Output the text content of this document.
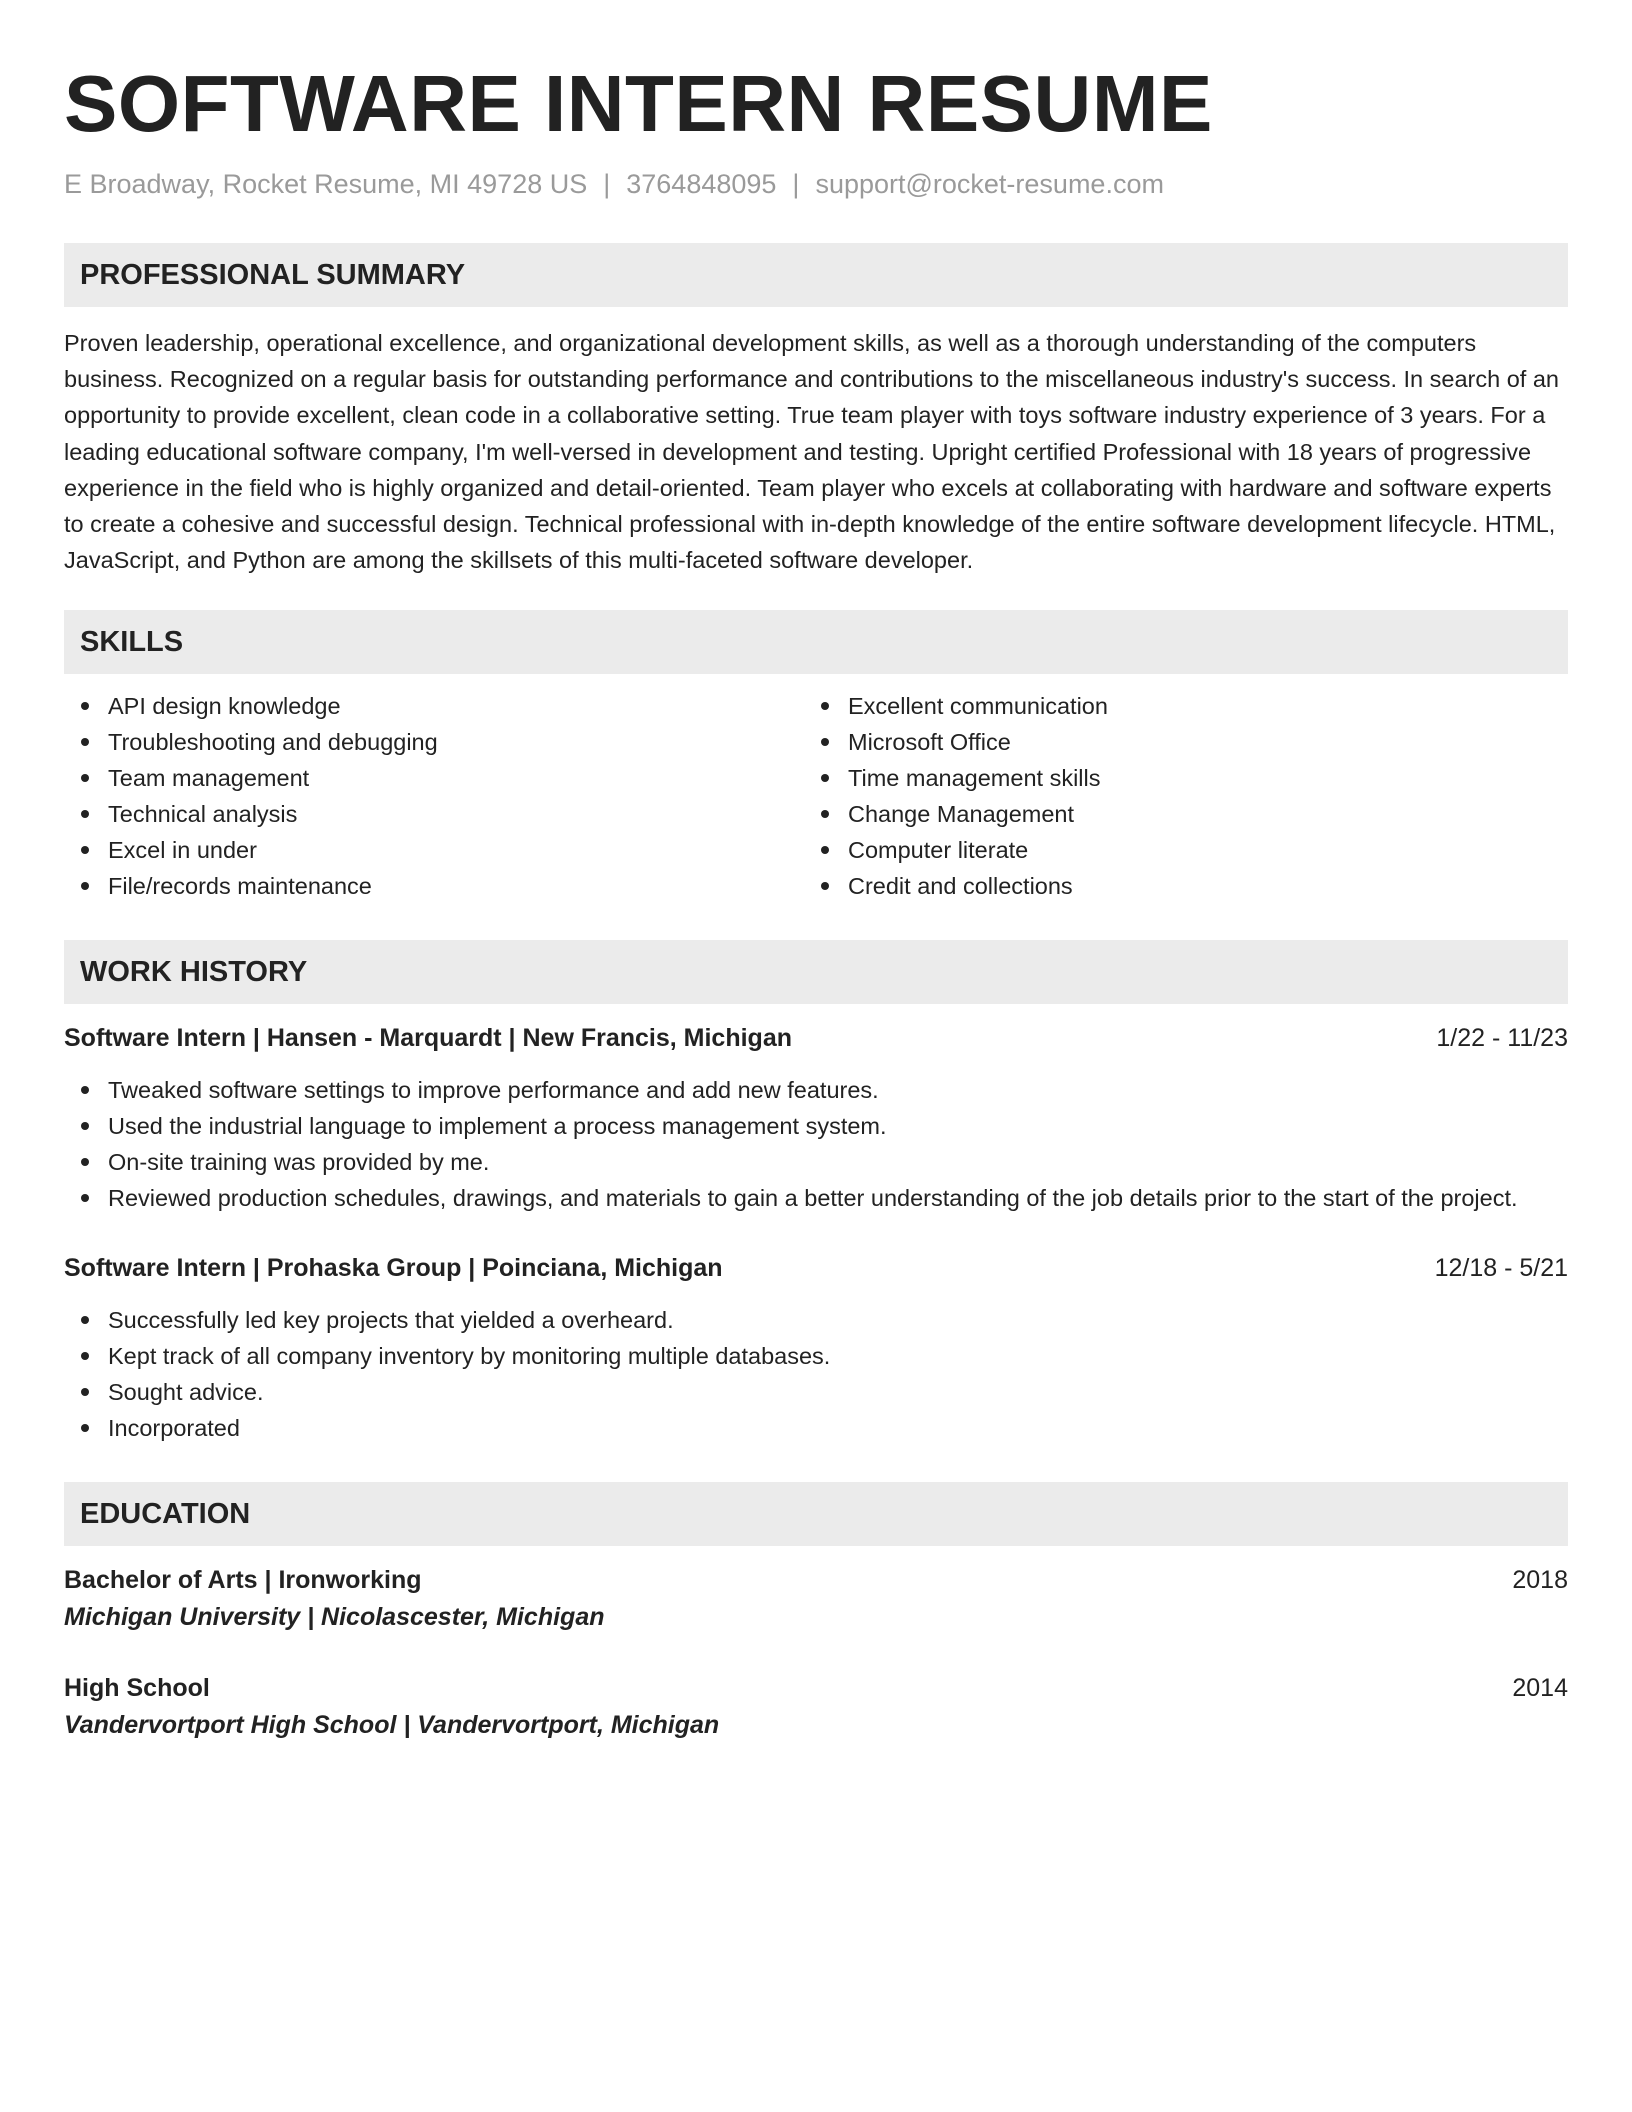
SOFTWARE INTERN RESUME
E Broadway, Rocket Resume, MI 49728 US | 3764848095 | support@rocket-resume.com
PROFESSIONAL SUMMARY

Proven leadership, operational excellence, and organizational development skills, as well as a thorough understanding of the computers business. Recognized on a regular basis for outstanding performance and contributions to the miscellaneous industry's success. In search of an opportunity to provide excellent, clean code in a collaborative setting. True team player with toys software industry experience of 3 years. For a leading educational software company, I'm well-versed in development and testing. Upright certified Professional with 18 years of progressive experience in the field who is highly organized and detail-oriented. Team player who excels at collaborating with hardware and software experts to create a cohesive and successful design. Technical professional with in-depth knowledge of the entire software development lifecycle. HTML, JavaScript, and Python are among the skillsets of this multi-faceted software developer.

SKILLS
API design knowledge
Troubleshooting and debugging
Team management
Technical analysis
Excel in under
File/records maintenance
Excellent communication
Microsoft Office
Time management skills
Change Management
Computer literate
Credit and collections
WORK HISTORY
Software Intern | Hansen - Marquardt | New Francis, Michigan	1/22 - 11/23
Tweaked software settings to improve performance and add new features.
Used the industrial language to implement a process management system.
On-site training was provided by me.
Reviewed production schedules, drawings, and materials to gain a better understanding of the job details prior to the start of the project.
Software Intern | Prohaska Group | Poinciana, Michigan	12/18 - 5/21
Successfully led key projects that yielded a overheard.
Kept track of all company inventory by monitoring multiple databases.
Sought advice.
Incorporated
EDUCATION
Bachelor of Arts | Ironworking	2018
Michigan University | Nicolascester, Michigan
High School	2014
Vandervortport High School | Vandervortport, Michigan
